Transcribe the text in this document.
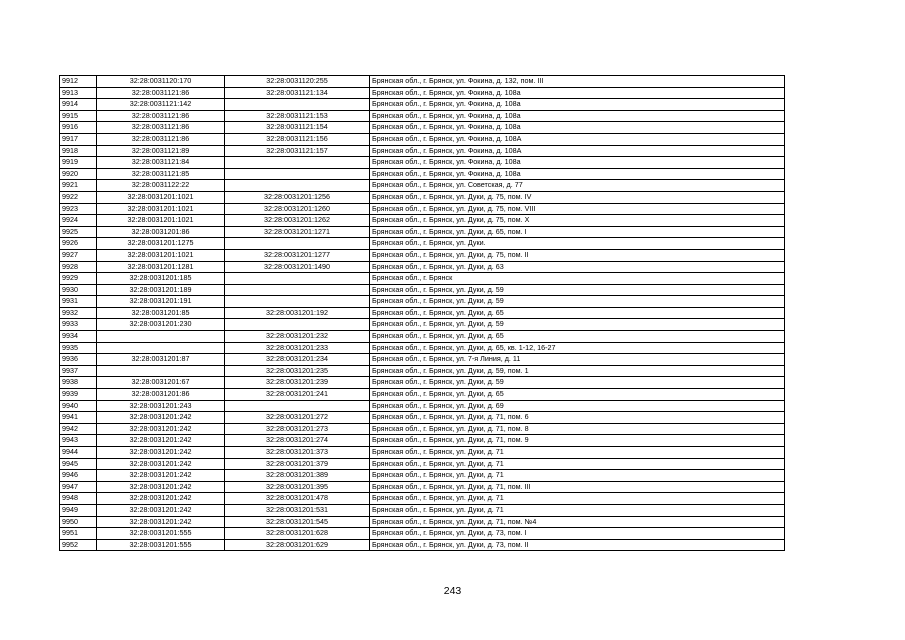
9912	32:28:0031120:170	32:28:0031120:255	Брянская обл., г. Брянск, ул. Фокина, д. 132, пом. III
9913	32:28:0031121:86	32:28:0031121:134	Брянская обл., г. Брянск, ул. Фокина, д. 108а
9914	32:28:0031121:142		Брянская обл., г. Брянск, ул. Фокина, д. 108а
9915	32:28:0031121:86	32:28:0031121:153	Брянская обл., г. Брянск, ул. Фокина, д. 108а
9916	32:28:0031121:86	32:28:0031121:154	Брянская обл., г. Брянск, ул. Фокина, д. 108а
9917	32:28:0031121:86	32:28:0031121:156	Брянская обл., г. Брянск, ул. Фокина, д. 108А
9918	32:28:0031121:89	32:28:0031121:157	Брянская обл., г. Брянск, ул. Фокина, д. 108А
9919	32:28:0031121:84		Брянская обл., г. Брянск, ул. Фокина, д. 108а
9920	32:28:0031121:85		Брянская обл., г. Брянск, ул. Фокина, д. 108а
9921	32:28:0031122:22		Брянская обл., г. Брянск, ул. Советская, д. 77
9922	32:28:0031201:1021	32:28:0031201:1256	Брянская обл., г. Брянск, ул. Дуки, д. 75, пом. IV
9923	32:28:0031201:1021	32:28:0031201:1260	Брянская обл., г. Брянск, ул. Дуки, д. 75, пом. VIII
9924	32:28:0031201:1021	32:28:0031201:1262	Брянская обл., г. Брянск, ул. Дуки, д. 75, пом. X
9925	32:28:0031201:86	32:28:0031201:1271	Брянская обл., г. Брянск, ул. Дуки, д. 65, пом. I
9926	32:28:0031201:1275		Брянская обл., г. Брянск, ул. Дуки.
9927	32:28:0031201:1021	32:28:0031201:1277	Брянская обл., г. Брянск, ул. Дуки, д. 75, пом. II
9928	32:28:0031201:1281	32:28:0031201:1490	Брянская обл., г. Брянск, ул. Дуки, д. 63
9929	32:28:0031201:185		Брянская обл., г. Брянск
9930	32:28:0031201:189		Брянская обл., г. Брянск, ул. Дуки, д. 59
9931	32:28:0031201:191		Брянская обл., г. Брянск, ул. Дуки, д. 59
9932	32:28:0031201:85	32:28:0031201:192	Брянская обл., г. Брянск, ул. Дуки, д. 65
9933	32:28:0031201:230		Брянская обл., г. Брянск, ул. Дуки, д. 59
9934		32:28:0031201:232	Брянская обл., г. Брянск, ул. Дуки, д. 65
9935		32:28:0031201:233	Брянская обл., г. Брянск, ул. Дуки, д. 65, кв. 1-12, 16-27
9936	32:28:0031201:87	32:28:0031201:234	Брянская обл., г. Брянск, ул. 7-я Линия, д. 11
9937		32:28:0031201:235	Брянская обл., г. Брянск, ул. Дуки, д. 59, пом. 1
9938	32:28:0031201:67	32:28:0031201:239	Брянская обл., г. Брянск, ул. Дуки, д. 59
9939	32:28:0031201:86	32:28:0031201:241	Брянская обл., г. Брянск, ул. Дуки, д. 65
9940	32:28:0031201:243		Брянская обл., г. Брянск, ул. Дуки, д. 69
9941	32:28:0031201:242	32:28:0031201:272	Брянская обл., г. Брянск, ул. Дуки, д. 71, пом. 6
9942	32:28:0031201:242	32:28:0031201:273	Брянская обл., г. Брянск, ул. Дуки, д. 71, пом. 8
9943	32:28:0031201:242	32:28:0031201:274	Брянская обл., г. Брянск, ул. Дуки, д. 71, пом. 9
9944	32:28:0031201:242	32:28:0031201:373	Брянская обл., г. Брянск, ул. Дуки, д. 71
9945	32:28:0031201:242	32:28:0031201:379	Брянская обл., г. Брянск, ул. Дуки, д. 71
9946	32:28:0031201:242	32:28:0031201:389	Брянская обл., г. Брянск, ул. Дуки, д. 71
9947	32:28:0031201:242	32:28:0031201:395	Брянская обл., г. Брянск, ул. Дуки, д. 71, пом. III
9948	32:28:0031201:242	32:28:0031201:478	Брянская обл., г. Брянск, ул. Дуки, д. 71
9949	32:28:0031201:242	32:28:0031201:531	Брянская обл., г. Брянск, ул. Дуки, д. 71
9950	32:28:0031201:242	32:28:0031201:545	Брянская обл., г. Брянск, ул. Дуки, д. 71, пом. №4
9951	32:28:0031201:555	32:28:0031201:628	Брянская обл., г. Брянск, ул. Дуки, д. 73, пом. I
9952	32:28:0031201:555	32:28:0031201:629	Брянская обл., г. Брянск, ул. Дуки, д. 73, пом. II
243
